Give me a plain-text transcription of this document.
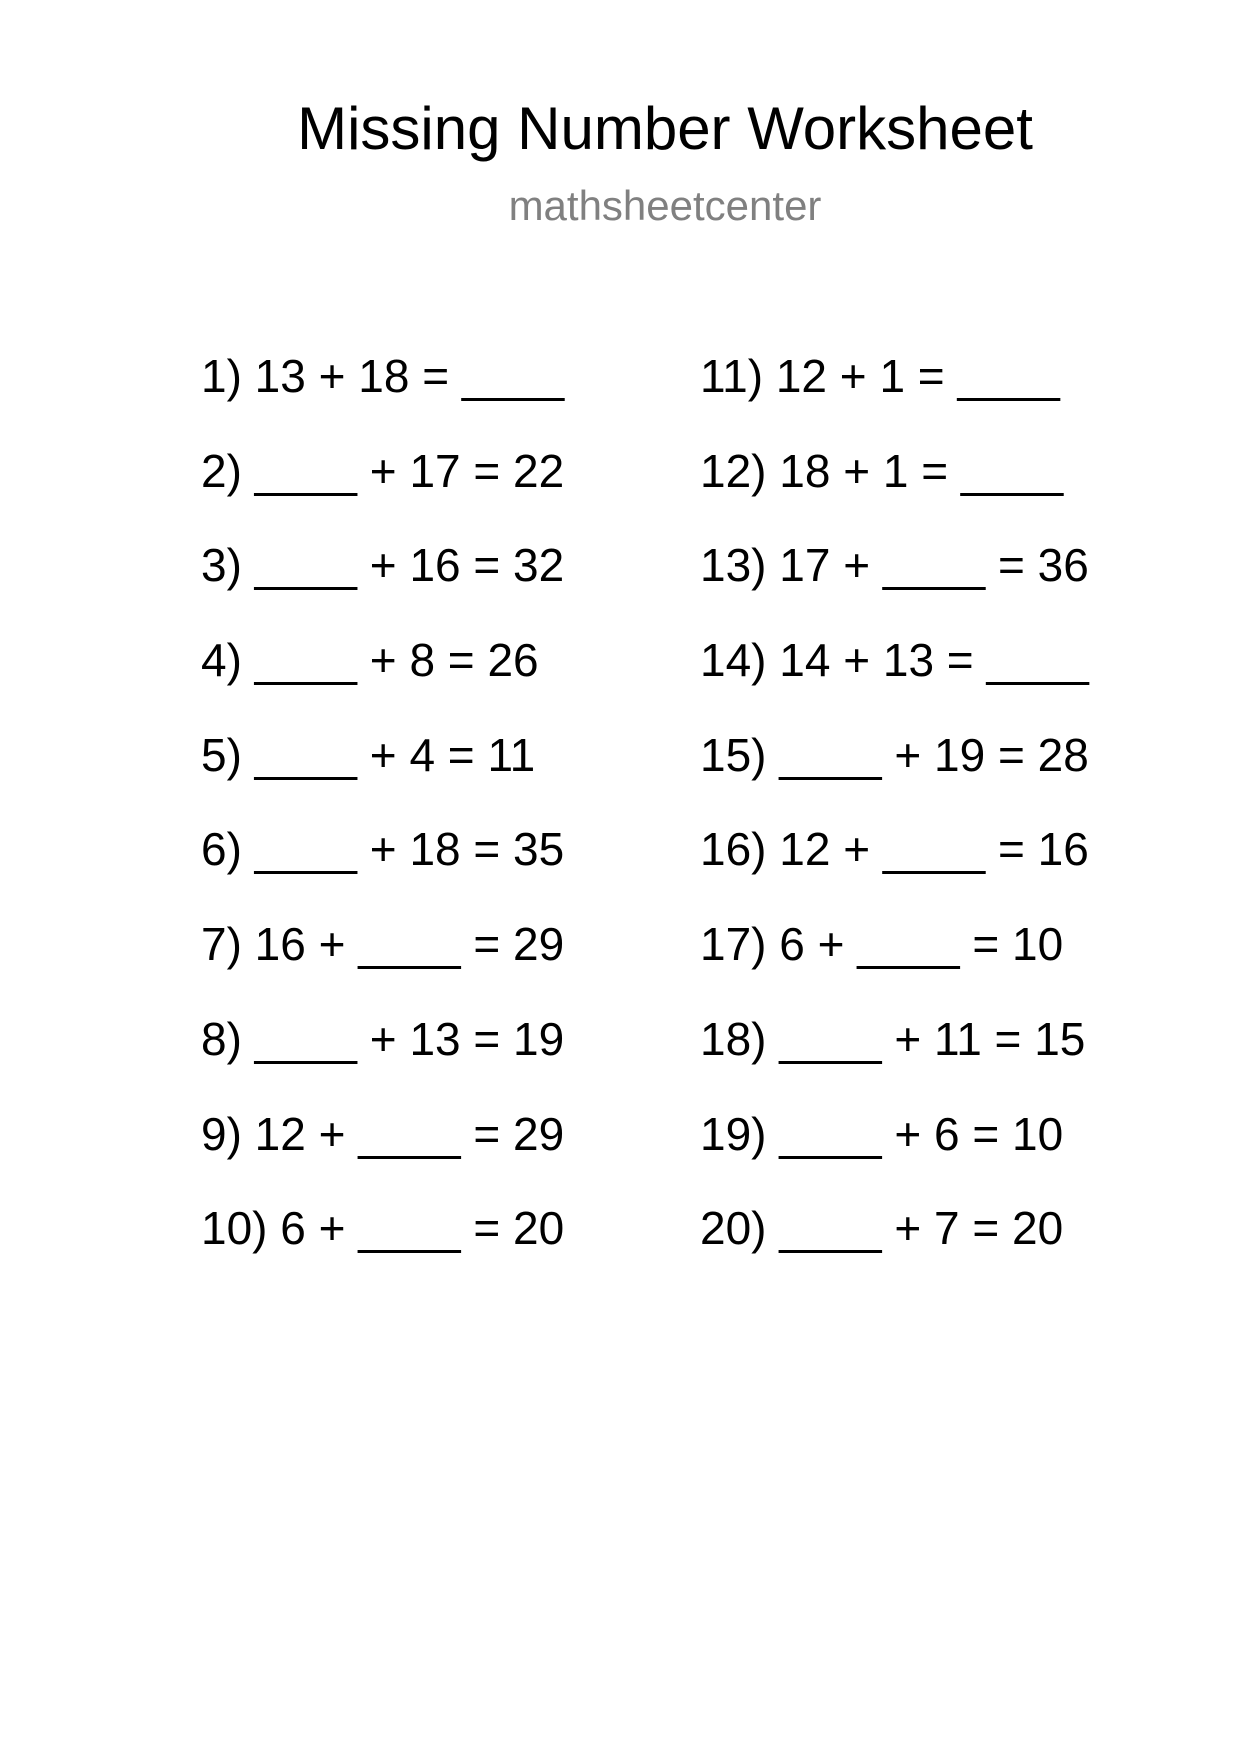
Missing Number Worksheet
mathsheetcenter
1) 13 + 18 = ____
2) ____ + 17 = 22
3) ____ + 16 = 32
4) ____ + 8 = 26
5) ____ + 4 = 11
6) ____ + 18 = 35
7) 16 + ____ = 29
8) ____ + 13 = 19
9) 12 + ____ = 29
10) 6 + ____ = 20
11) 12 + 1 = ____
12) 18 + 1 = ____
13) 17 + ____ = 36
14) 14 + 13 = ____
15) ____ + 19 = 28
16) 12 + ____ = 16
17) 6 + ____ = 10
18) ____ + 11 = 15
19) ____ + 6 = 10
20) ____ + 7 = 20
